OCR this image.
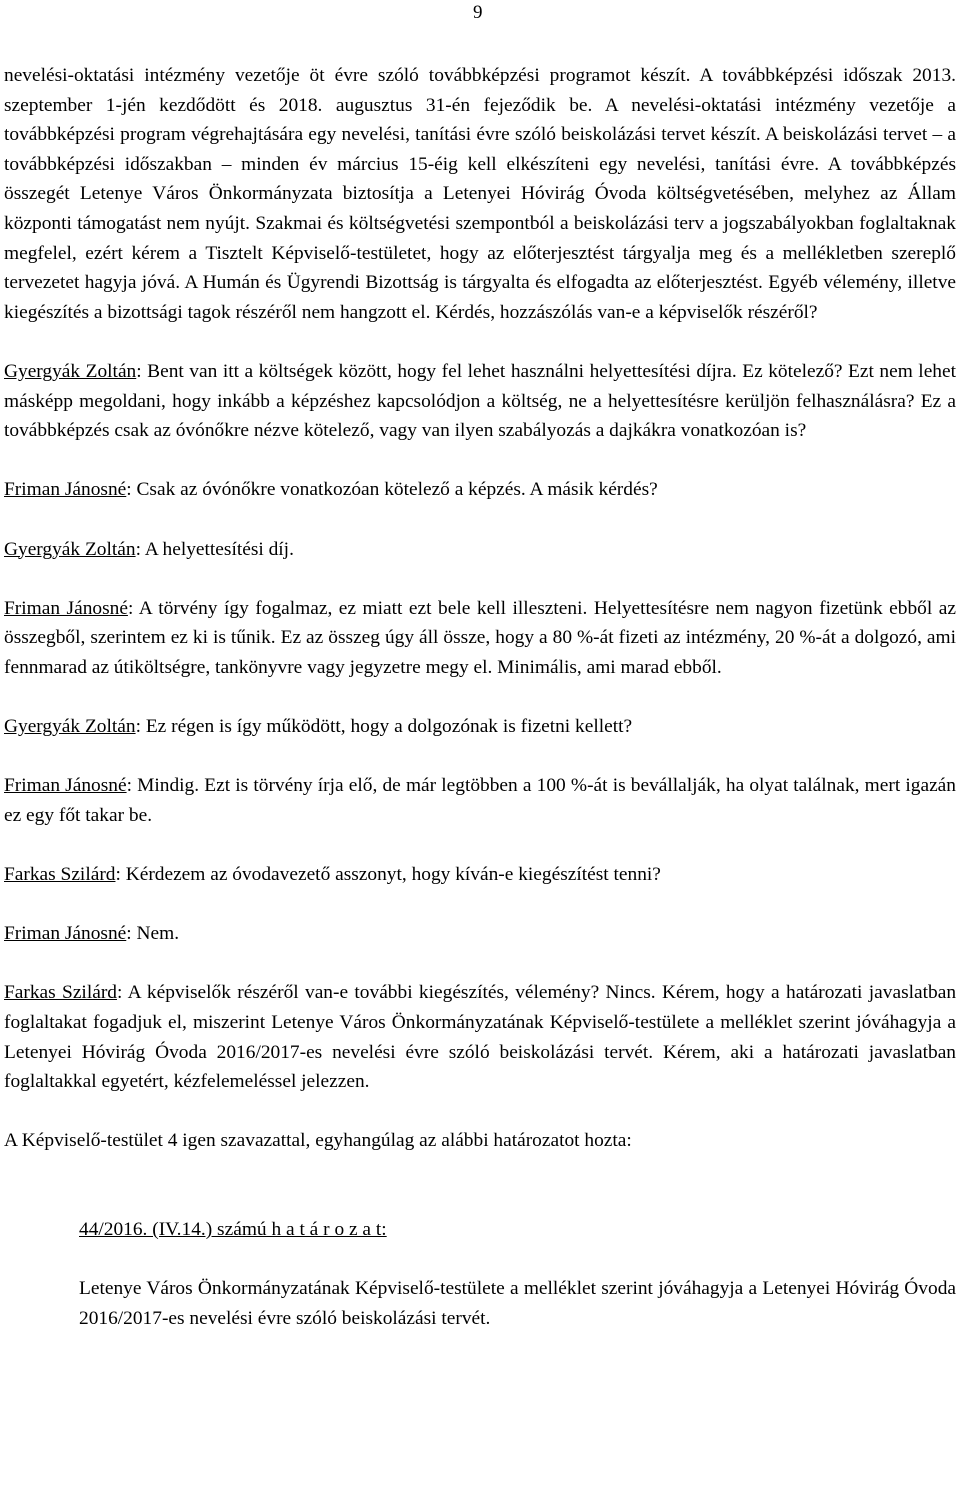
9

nevelési-oktatási intézmény vezetője öt évre szóló továbbképzési programot készít. A továbbképzési időszak 2013. szeptember 1-jén kezdődött és 2018. augusztus 31-én fejeződik be. A nevelési-oktatási intézmény vezetője a továbbképzési program végrehajtására egy nevelési, tanítási évre szóló beiskolázási tervet készít. A beiskolázási tervet – a továbbképzési időszakban – minden év március 15-éig kell elkészíteni egy nevelési, tanítási évre. A továbbképzés összegét Letenye Város Önkormányzata biztosítja a Letenyei Hóvirág Óvoda költségvetésében, melyhez az Állam központi támogatást nem nyújt. Szakmai és költségvetési szempontból a beiskolázási terv a jogszabályokban foglaltaknak megfelel, ezért kérem a Tisztelt Képviselő-testületet, hogy az előterjesztést tárgyalja meg és a mellékletben szereplő tervezetet hagyja jóvá. A Humán és Ügyrendi Bizottság is tárgyalta és elfogadta az előterjesztést. Egyéb vélemény, illetve kiegészítés a bizottsági tagok részéről nem hangzott el. Kérdés, hozzászólás van-e a képviselők részéről?

Gyergyák Zoltán: Bent van itt a költségek között, hogy fel lehet használni helyettesítési díjra. Ez kötelező? Ezt nem lehet másképp megoldani, hogy inkább a képzéshez kapcsolódjon a költség, ne a helyettesítésre kerüljön felhasználásra? Ez a továbbképzés csak az óvónőkre nézve kötelező, vagy van ilyen szabályozás a dajkákra vonatkozóan is?

Friman Jánosné: Csak az óvónőkre vonatkozóan kötelező a képzés. A másik kérdés?

Gyergyák Zoltán: A helyettesítési díj.

Friman Jánosné: A törvény így fogalmaz, ez miatt ezt bele kell illeszteni. Helyettesítésre nem nagyon fizetünk ebből az összegből, szerintem ez ki is tűnik. Ez az összeg úgy áll össze, hogy a 80 %-át fizeti az intézmény, 20 %-át a dolgozó, ami fennmarad az útiköltségre, tankönyvre vagy jegyzetre megy el. Minimális, ami marad ebből.

Gyergyák Zoltán: Ez régen is így működött, hogy a dolgozónak is fizetni kellett?

Friman Jánosné: Mindig. Ezt is törvény írja elő, de már legtöbben a 100 %-át is bevállalják, ha olyat találnak, mert igazán ez egy főt takar be.

Farkas Szilárd: Kérdezem az óvodavezető asszonyt, hogy kíván-e kiegészítést tenni?

Friman Jánosné: Nem.

Farkas Szilárd: A képviselők részéről van-e további kiegészítés, vélemény? Nincs. Kérem, hogy a határozati javaslatban foglaltakat fogadjuk el, miszerint Letenye Város Önkormányzatának Képviselő-testülete a melléklet szerint jóváhagyja a Letenyei Hóvirág Óvoda 2016/2017-es nevelési évre szóló beiskolázási tervét. Kérem, aki a határozati javaslatban foglaltakkal egyetért, kézfelemeléssel jelezzen.

A Képviselő-testület 4 igen szavazattal, egyhangúlag az alábbi határozatot hozta:

44/2016. (IV.14.) számú h a t á r o z a t:

Letenye Város Önkormányzatának Képviselő-testülete a melléklet szerint jóváhagyja a Letenyei Hóvirág Óvoda 2016/2017-es nevelési évre szóló beiskolázási tervét.
